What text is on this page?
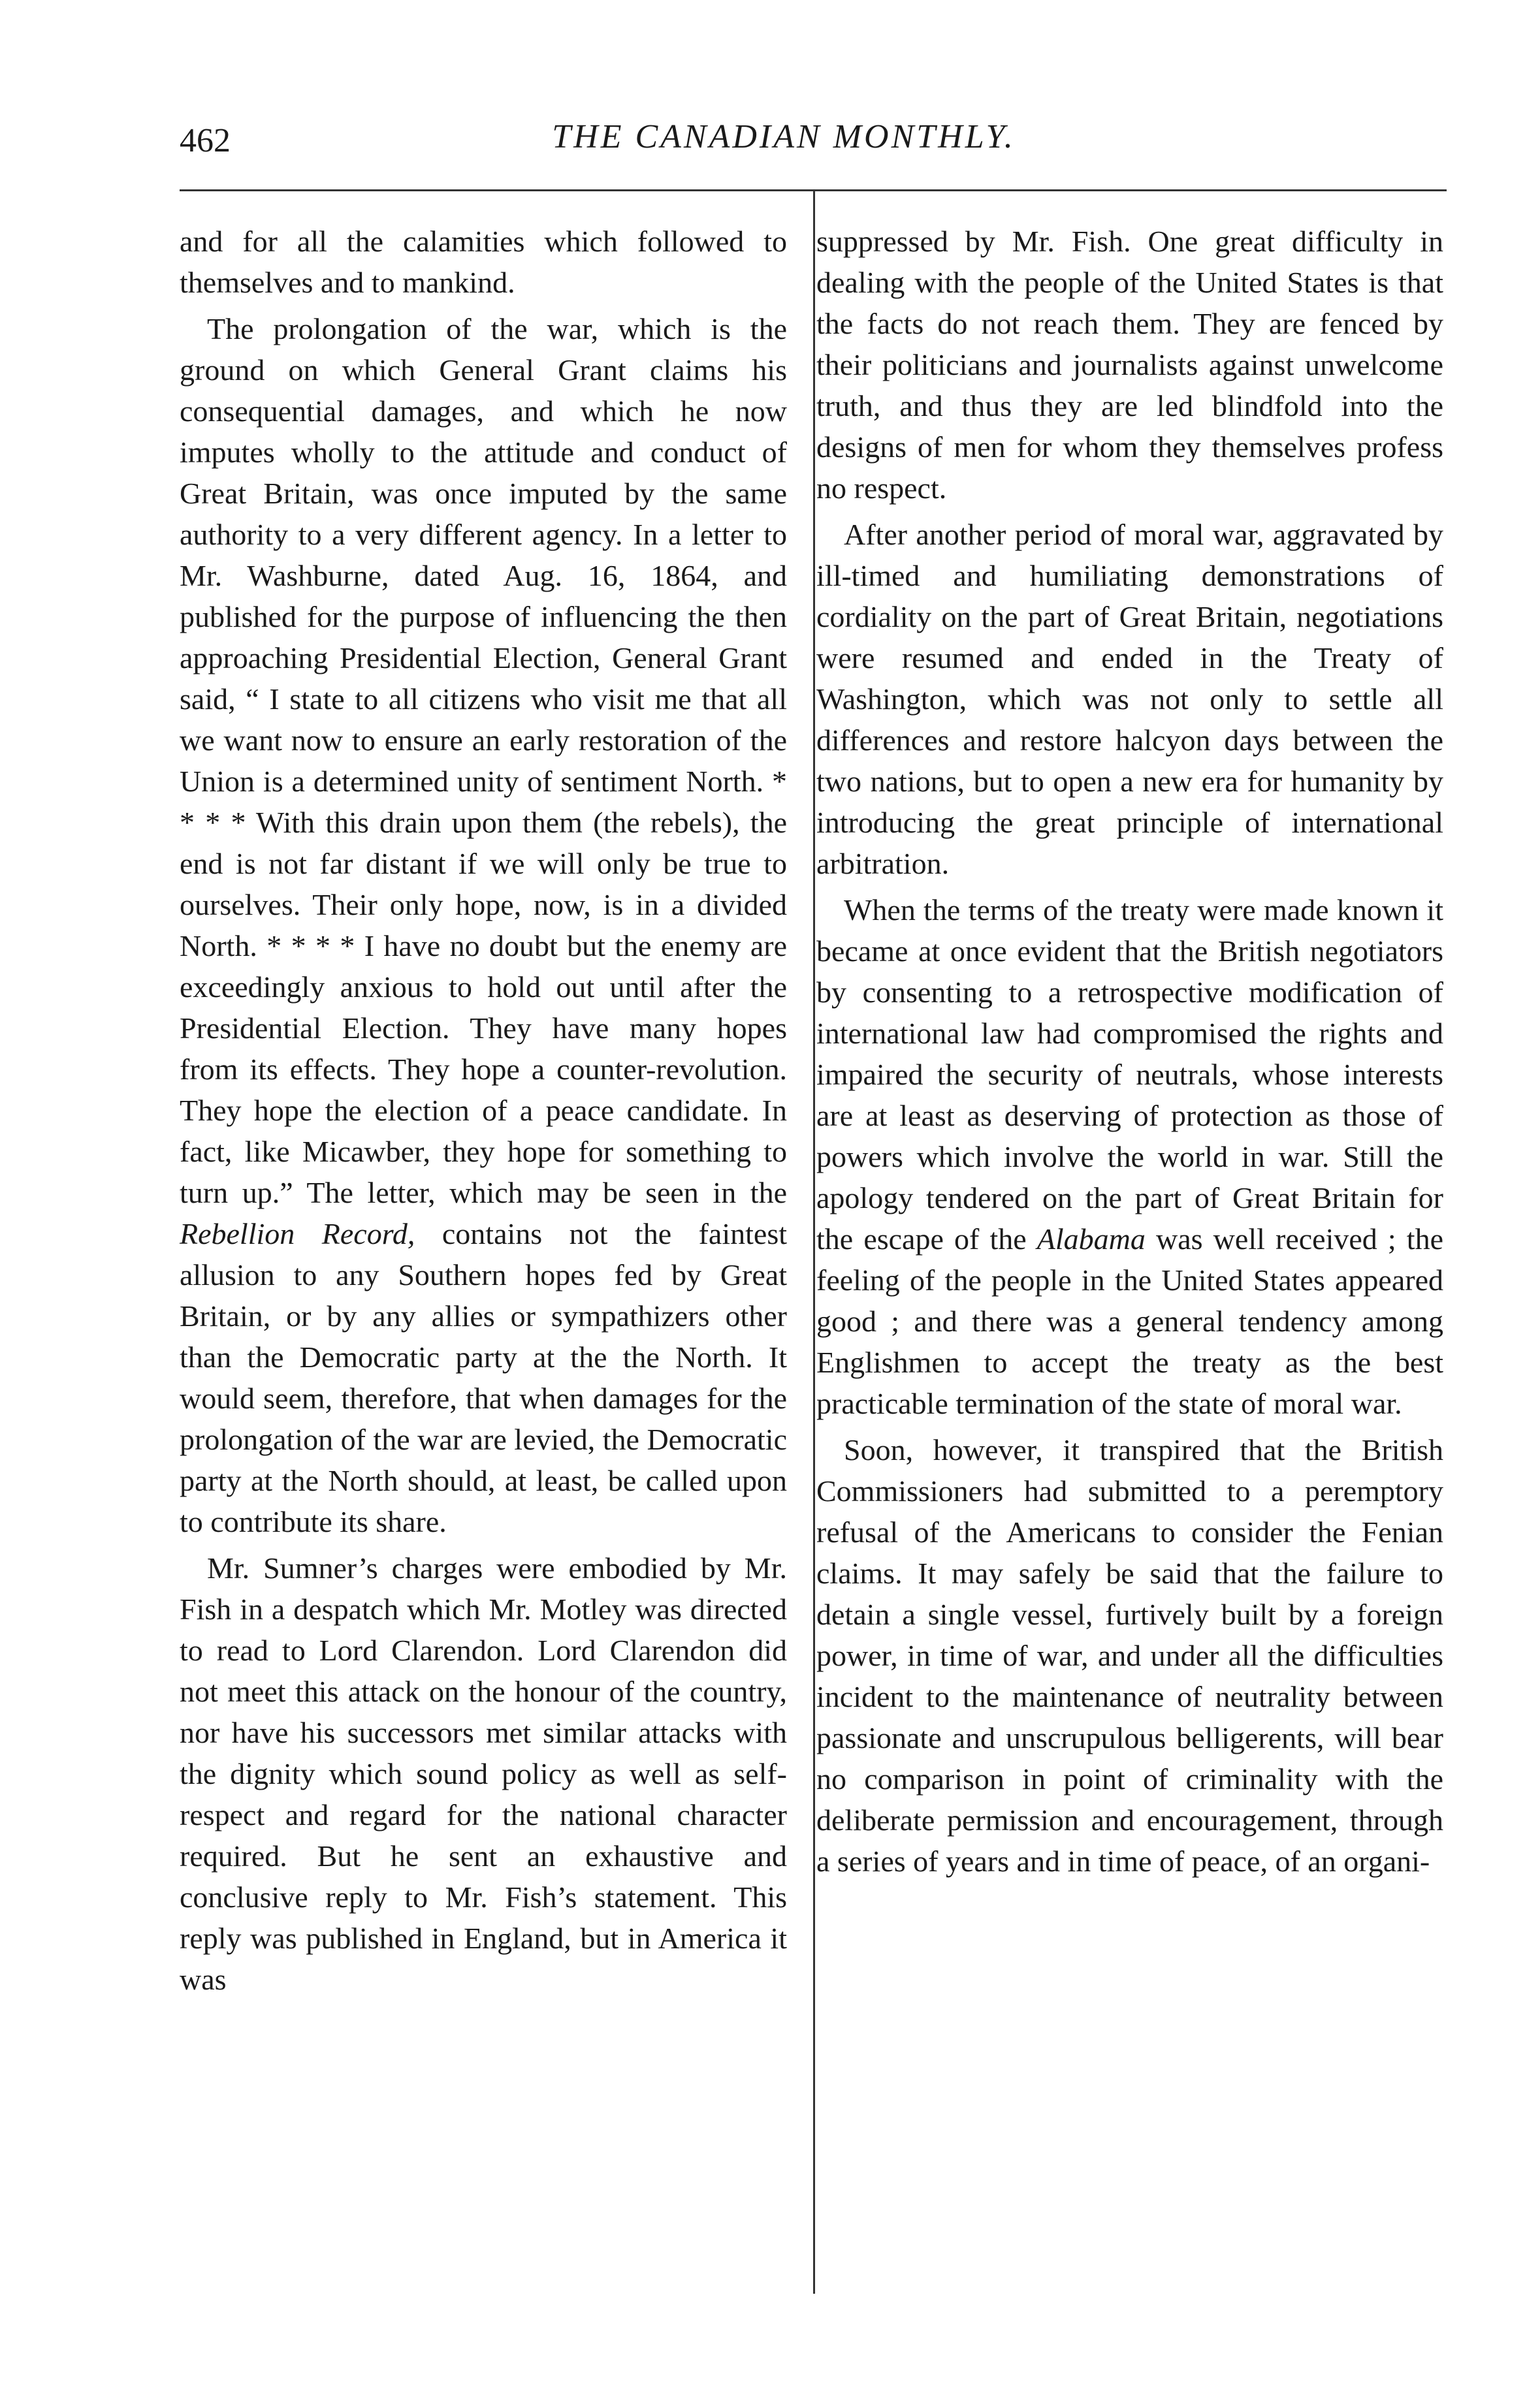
462	THE CANADIAN MONTHLY.

and for all the calamities which followed to themselves and to mankind.

The prolongation of the war, which is the ground on which General Grant claims his consequential damages, and which he now imputes wholly to the attitude and conduct of Great Britain, was once imputed by the same authority to a very different agency. In a letter to Mr. Washburne, dated Aug. 16, 1864, and published for the purpose of influencing the then approaching Presidential Election, General Grant said, “ I state to all citizens who visit me that all we want now to ensure an early restoration of the Union is a determined unity of sentiment North. * * * * With this drain upon them (the rebels), the end is not far distant if we will only be true to ourselves. Their only hope, now, is in a divided North. * * * * I have no doubt but the enemy are exceedingly anxious to hold out until after the Presidential Election. They have many hopes from its effects. They hope a counter-revolution. They hope the election of a peace candidate. In fact, like Micawber, they hope for something to turn up.” The letter, which may be seen in the Rebellion Record, contains not the faintest allusion to any Southern hopes fed by Great Britain, or by any allies or sympathizers other than the Democratic party at the the North. It would seem, therefore, that when damages for the prolongation of the war are levied, the Democratic party at the North should, at least, be called upon to contribute its share.

Mr. Sumner’s charges were embodied by Mr. Fish in a despatch which Mr. Motley was directed to read to Lord Clarendon. Lord Clarendon did not meet this attack on the honour of the country, nor have his successors met similar attacks with the dignity which sound policy as well as self-respect and regard for the national character required. But he sent an exhaustive and conclusive reply to Mr. Fish’s statement. This reply was published in England, but in America it was

suppressed by Mr. Fish. One great difficulty in dealing with the people of the United States is that the facts do not reach them. They are fenced by their politicians and journalists against unwelcome truth, and thus they are led blindfold into the designs of men for whom they themselves profess no respect.

After another period of moral war, aggravated by ill-timed and humiliating demonstrations of cordiality on the part of Great Britain, negotiations were resumed and ended in the Treaty of Washington, which was not only to settle all differences and restore halcyon days between the two nations, but to open a new era for humanity by introducing the great principle of international arbitration.

When the terms of the treaty were made known it became at once evident that the British negotiators by consenting to a retrospective modification of international law had compromised the rights and impaired the security of neutrals, whose interests are at least as deserving of protection as those of powers which involve the world in war. Still the apology tendered on the part of Great Britain for the escape of the Alabama was well received ; the feeling of the people in the United States appeared good ; and there was a general tendency among Englishmen to accept the treaty as the best practicable termination of the state of moral war.

Soon, however, it transpired that the British Commissioners had submitted to a peremptory refusal of the Americans to consider the Fenian claims. It may safely be said that the failure to detain a single vessel, furtively built by a foreign power, in time of war, and under all the difficulties incident to the maintenance of neutrality between passionate and unscrupulous belligerents, will bear no comparison in point of criminality with the deliberate permission and encouragement, through a series of years and in time of peace, of an organi-
